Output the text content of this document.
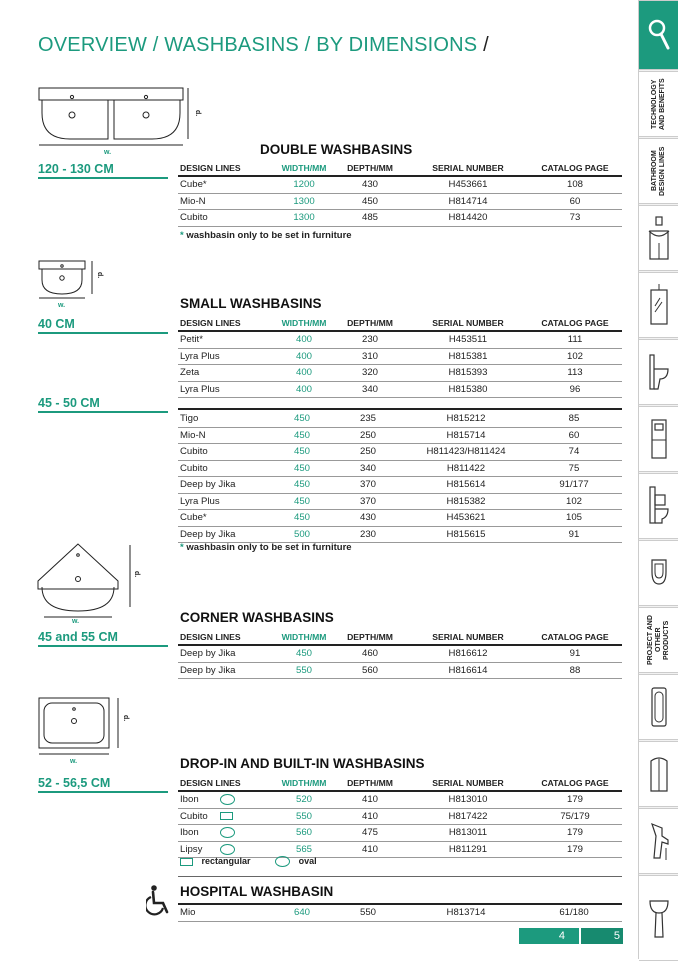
OVERVIEW / WASHBASINS / BY DIMENSIONS /
d.
w.
120 - 130 CM
DOUBLE WASHBASINS
DESIGN LINES	WIDTH/MM	DEPTH/MM	SERIAL NUMBER	CATALOG PAGE
Cube*	1200	430	H453661	108
Mio-N	1300	450	H814714	60
Cubito	1300	485	H814420	73
* washbasin only to be set in furniture
d.
w.
40 CM
45 - 50 CM
SMALL WASHBASINS
DESIGN LINES	WIDTH/MM	DEPTH/MM	SERIAL NUMBER	CATALOG PAGE
Petit*	400	230	H453511	111
Lyra Plus	400	310	H815381	102
Zeta	400	320	H815393	113
Lyra Plus	400	340	H815380	96
Tigo	450	235	H815212	85
Mio-N	450	250	H815714	60
Cubito	450	250	H811423/H811424	74
Cubito	450	340	H811422	75
Deep by Jika	450	370	H815614	91/177
Lyra Plus	450	370	H815382	102
Cube*	450	430	H453621	105
Deep by Jika	500	230	H815615	91
* washbasin only to be set in furniture
d.
w.
45 and 55 CM
CORNER WASHBASINS
DESIGN LINES	WIDTH/MM	DEPTH/MM	SERIAL NUMBER	CATALOG PAGE
Deep by Jika	450	460	H816612	91
Deep by Jika	550	560	H816614	88
d.
w.
52 - 56,5 CM
DROP-IN AND BUILT-IN WASHBASINS
DESIGN LINES	WIDTH/MM	DEPTH/MM	SERIAL NUMBER	CATALOG PAGE
Ibon	520	410	H813010	179
Cubito	550	410	H817422	75/179
Ibon	560	475	H813011	179
Lipsy	565	410	H811291	179
rectangular	oval
HOSPITAL WASHBASIN
Mio	640	550	H813714	61/180
4	5
TECHNOLOGY AND BENEFITS
BATHROOM DESIGN LINES
PROJECT AND OTHER PRODUCTS
